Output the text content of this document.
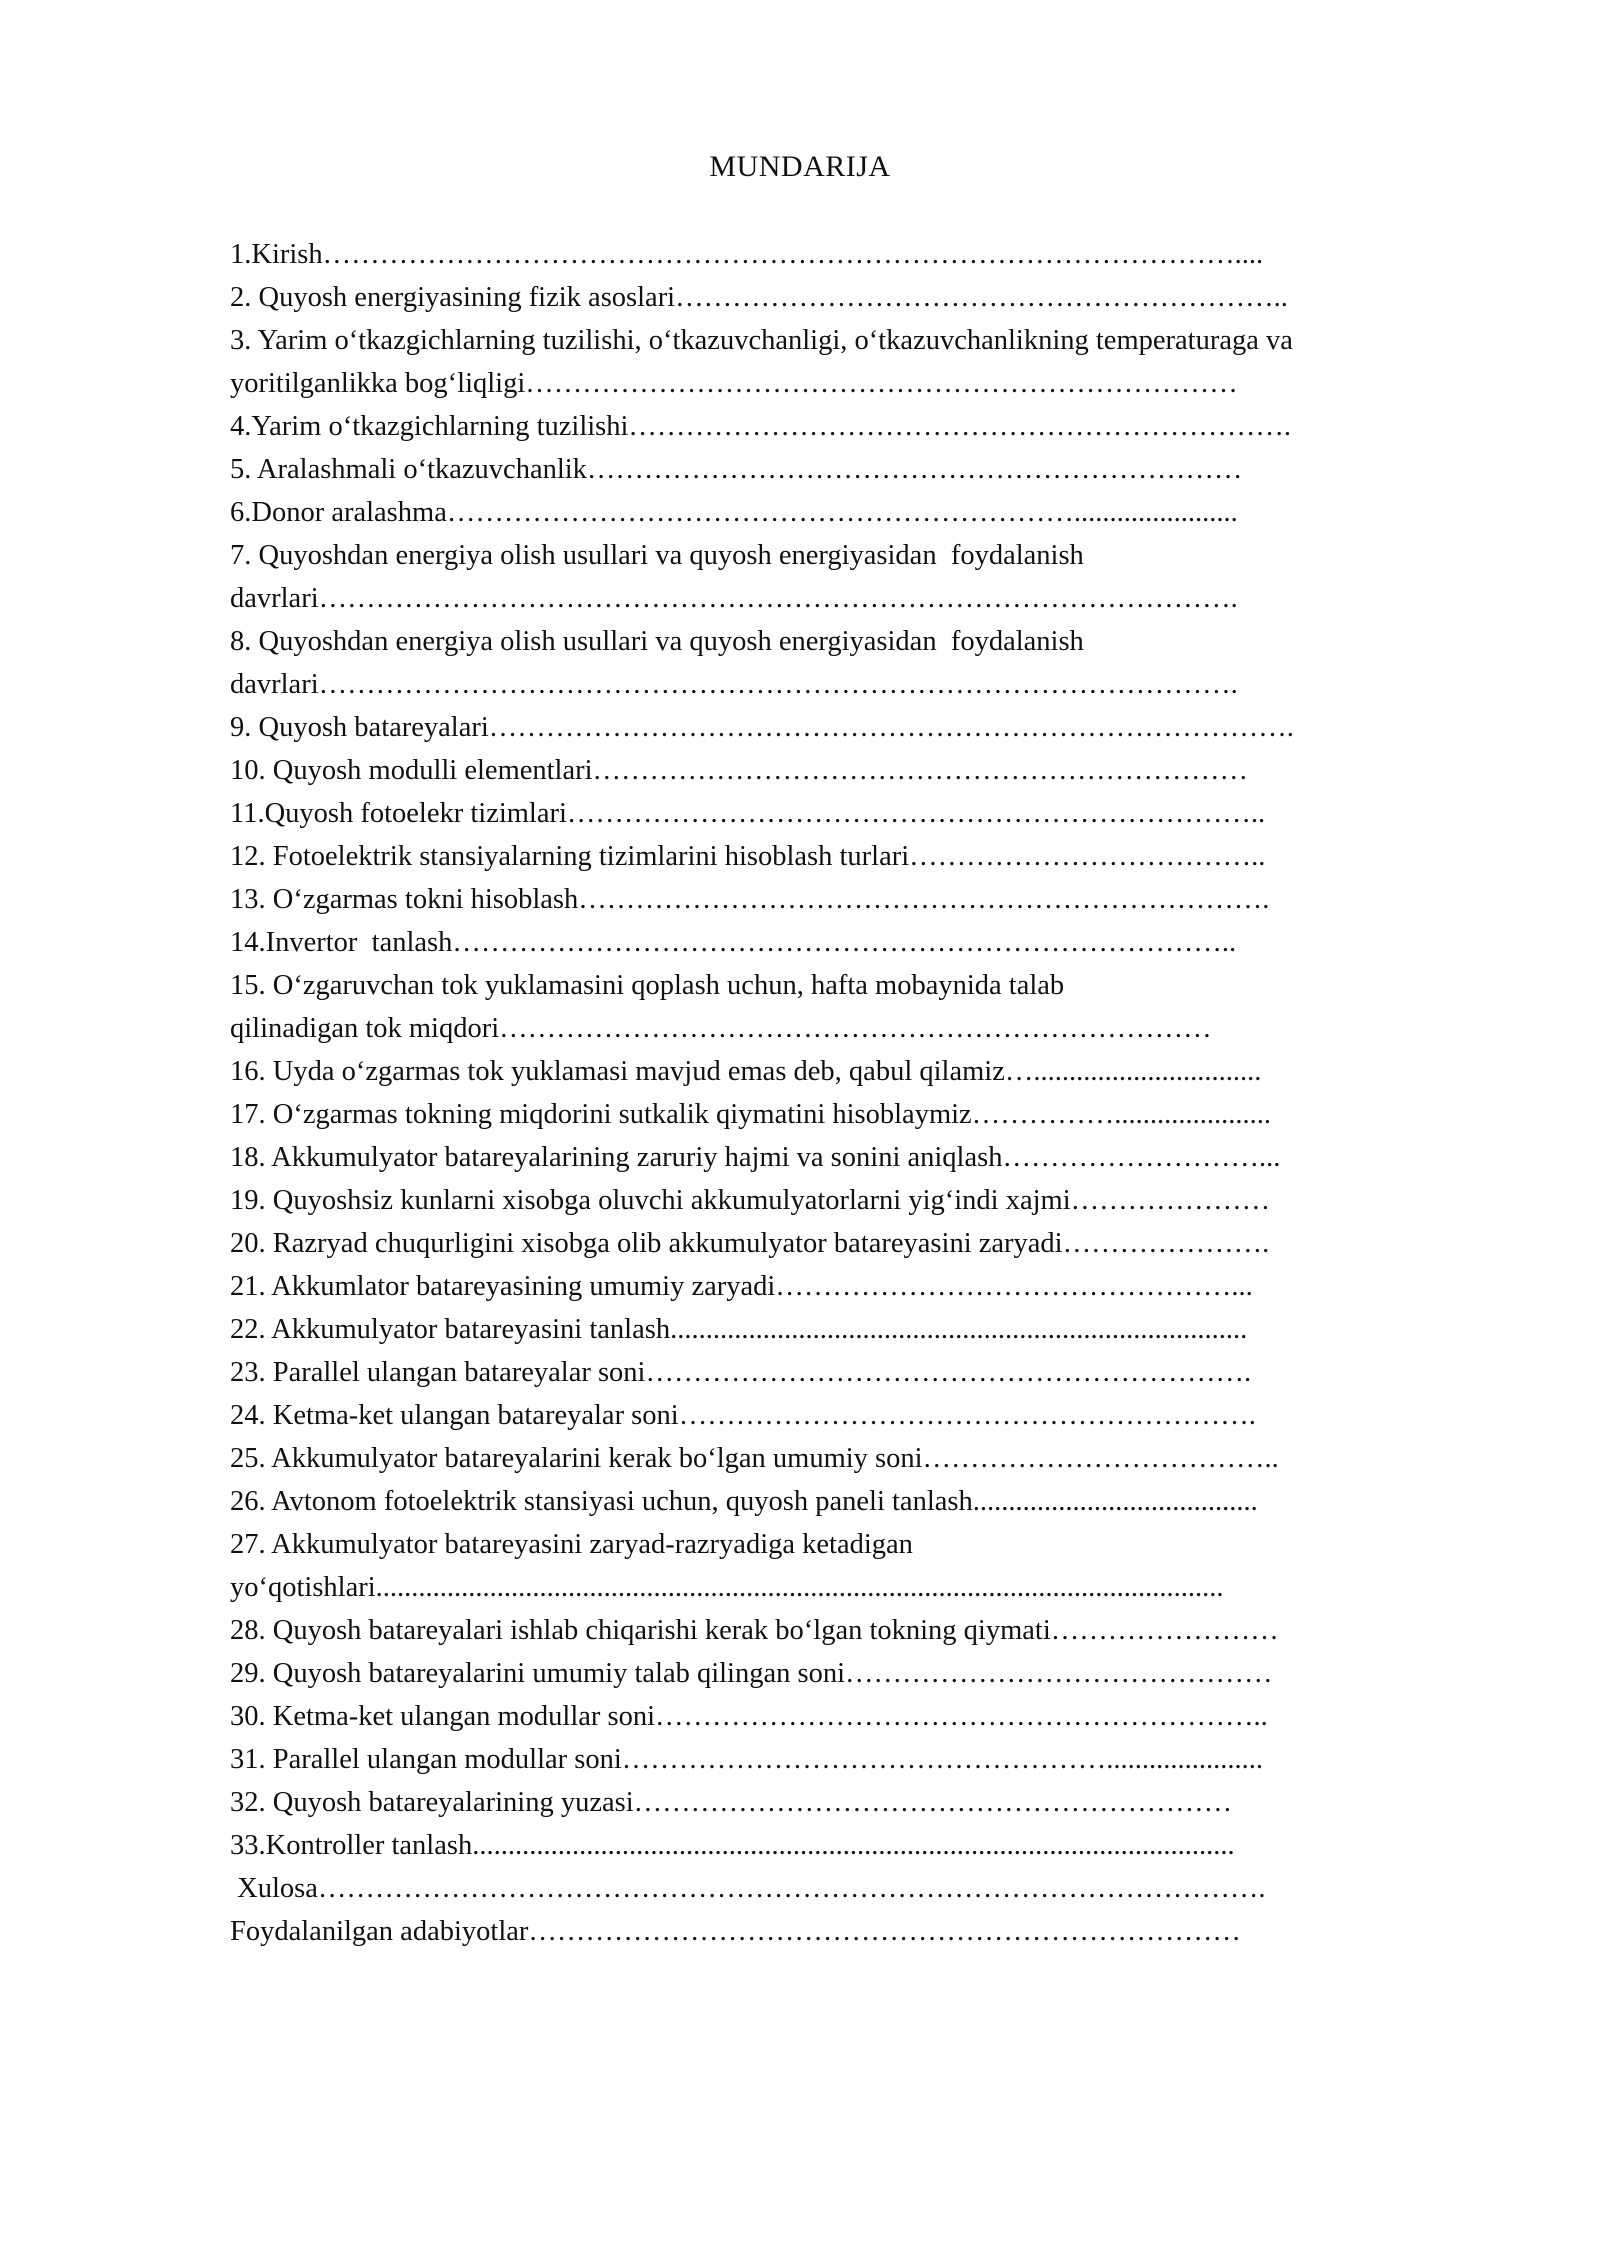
MUNDARIJA
1.Kirish……………………………………………………………………………………....
2. Quyosh energiyasining fizik asoslari………………………………………………………..
3. Yarim o‘tkazgichlarning tuzilishi, o‘tkazuvchanligi, o‘tkazuvchanlikning temperaturaga va
yoritilganlikka bog‘liqligi…………………………………………………………………
4.Yarim o‘tkazgichlarning tuzilishi…………………………………………………………….
5. Aralashmali o‘tkazuvchanlik……………………………………………………………
6.Donor aralashma………………………………………………………….......................
7. Quyoshdan energiya olish usullari va quyosh energiyasidan  foydalanish
davrlari…………………………………………………………………………………….
8. Quyoshdan energiya olish usullari va quyosh energiyasidan  foydalanish
davrlari…………………………………………………………………………………….
9. Quyosh batareyalari………………………………………………………………………….
10. Quyosh modulli elementlari……………………………………………………………
11.Quyosh fotoelekr tizimlari………………………………………………………………..
12. Fotoelektrik stansiyalarning tizimlarini hisoblash turlari………………………………..
13. O‘zgarmas tokni hisoblash……………………………………………………………….
14.Invertor  tanlash………………………………………………………………………..
15. O‘zgaruvchan tok yuklamasini qoplash uchun, hafta mobaynida talab
qilinadigan tok miqdori…………………………………………………………………
16. Uyda o‘zgarmas tok yuklamasi mavjud emas deb, qabul qilamiz…................................
17. O‘zgarmas tokning miqdorini sutkalik qiymatini hisoblaymiz……………......................
18. Akkumulyator batareyalarining zaruriy hajmi va sonini aniqlash………………………...
19. Quyoshsiz kunlarni xisobga oluvchi akkumulyatorlarni yig‘indi xajmi…………………
20. Razryad chuqurligini xisobga olib akkumulyator batareyasini zaryadi………………….
21. Akkumlator batareyasining umumiy zaryadi…………………………………………...
22. Akkumulyator batareyasini tanlash.................................................................................
23. Parallel ulangan batareyalar soni……………………………………………………….
24. Ketma-ket ulangan batareyalar soni…………………………………………………….
25. Akkumulyator batareyalarini kerak bo‘lgan umumiy soni………………………………..
26. Avtonom fotoelektrik stansiyasi uchun, quyosh paneli tanlash........................................
27. Akkumulyator batareyasini zaryad-razryadiga ketadigan
yo‘qotishlari.......................................................................................................................
28. Quyosh batareyalari ishlab chiqarishi kerak bo‘lgan tokning qiymati……………………
29. Quyosh batareyalarini umumiy talab qilingan soni………………………………………
30. Ketma-ket ulangan modullar soni………………………………………………………..
31. Parallel ulangan modullar soni……………………………………………......................
32. Quyosh batareyalarining yuzasi………………………………………………………
33.Kontroller tanlash...........................................................................................................
Xulosa……………………………………………………………………………………….
Foydalanilgan adabiyotlar…………………………………………………………………
